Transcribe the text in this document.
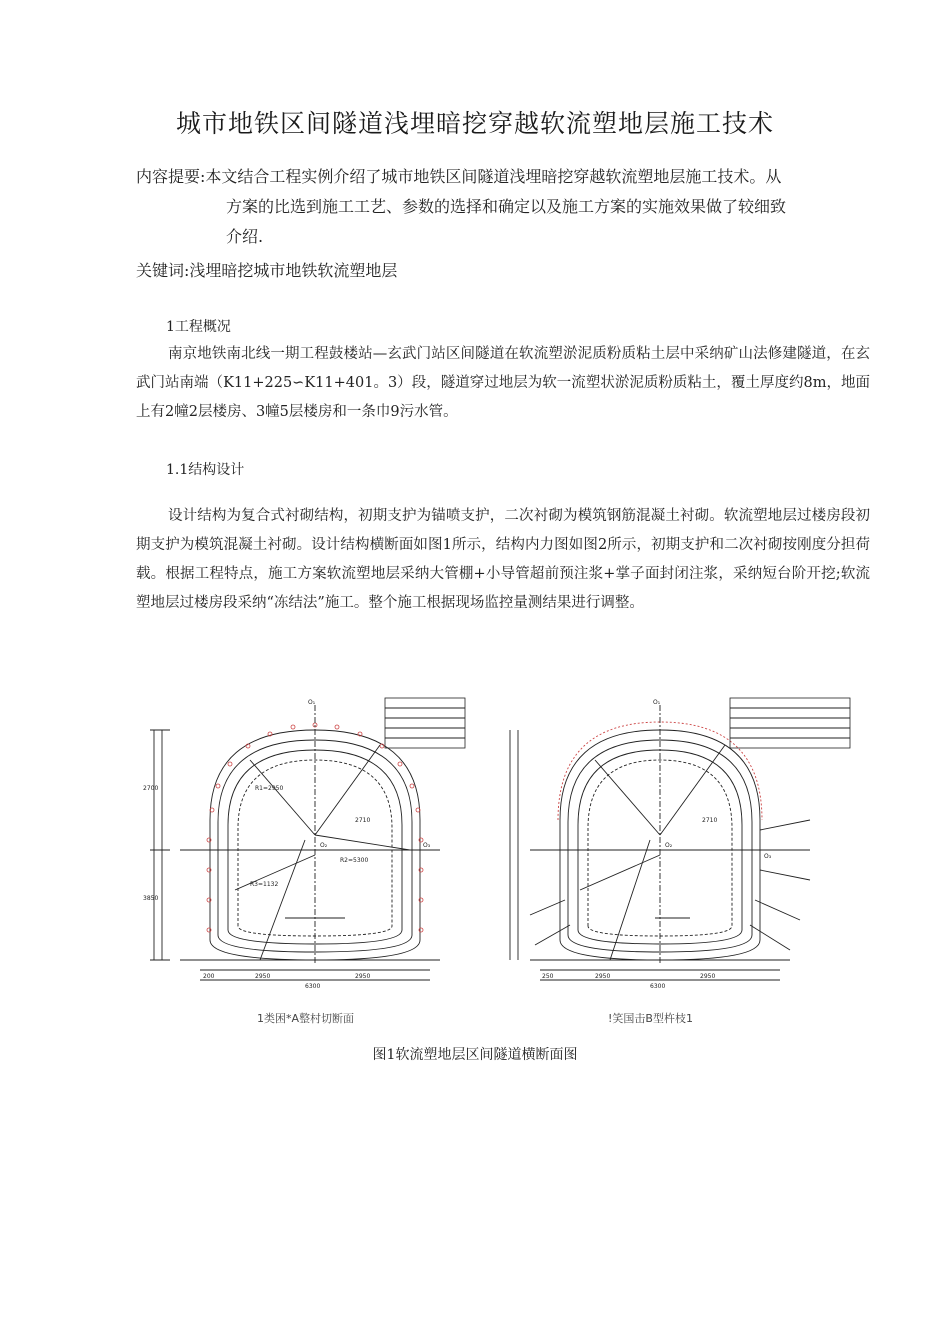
城市地铁区间隧道浅埋暗挖穿越软流塑地层施工技术
内容提要:本文结合工程实例介绍了城市地铁区间隧道浅埋暗挖穿越软流塑地层施工技术。从
方案的比选到施工工艺、参数的选择和确定以及施工方案的实施效果做了较细致
介绍.
关键词:浅埋暗挖城市地铁软流塑地层
1工程概况
南京地铁南北线一期工程鼓楼站—玄武门站区间隧道在软流塑淤泥质粉质粘土层中采纳矿山法修建隧道，在玄武门站南端（K11+225∽K11+401。3）段，隧道穿过地层为软一流塑状淤泥质粉质粘土，覆土厚度约8m，地面上有2幢2层楼房、3幢5层楼房和一条巾9污水管。
1.1结构设计
设计结构为复合式衬砌结构，初期支护为锚喷支护，二次衬砌为模筑钢筋混凝土衬砌。软流塑地层过楼房段初期支护为模筑混凝土衬砌。设计结构横断面如图1所示，结构内力图如图2所示，初期支护和二次衬砌按刚度分担荷载。根据工程特点，施工方案软流塑地层采纳大管棚+小导管超前预注浆+掌子面封闭注浆，采纳短台阶开挖;软流塑地层过楼房段采纳“冻结法”施工。整个施工根据现场监控量测结果进行调整。
O₁
O₂	O₃
2710
R1=2950
R2=5300
R3=1132
2700
3850
2950	2950
200
6300
O₁
O₂
O₃
2710
2950	2950
250
6300
1类困*A整村切断面	!笑国击B型杵枝1
图1软流塑地层区间隧道横断面图
